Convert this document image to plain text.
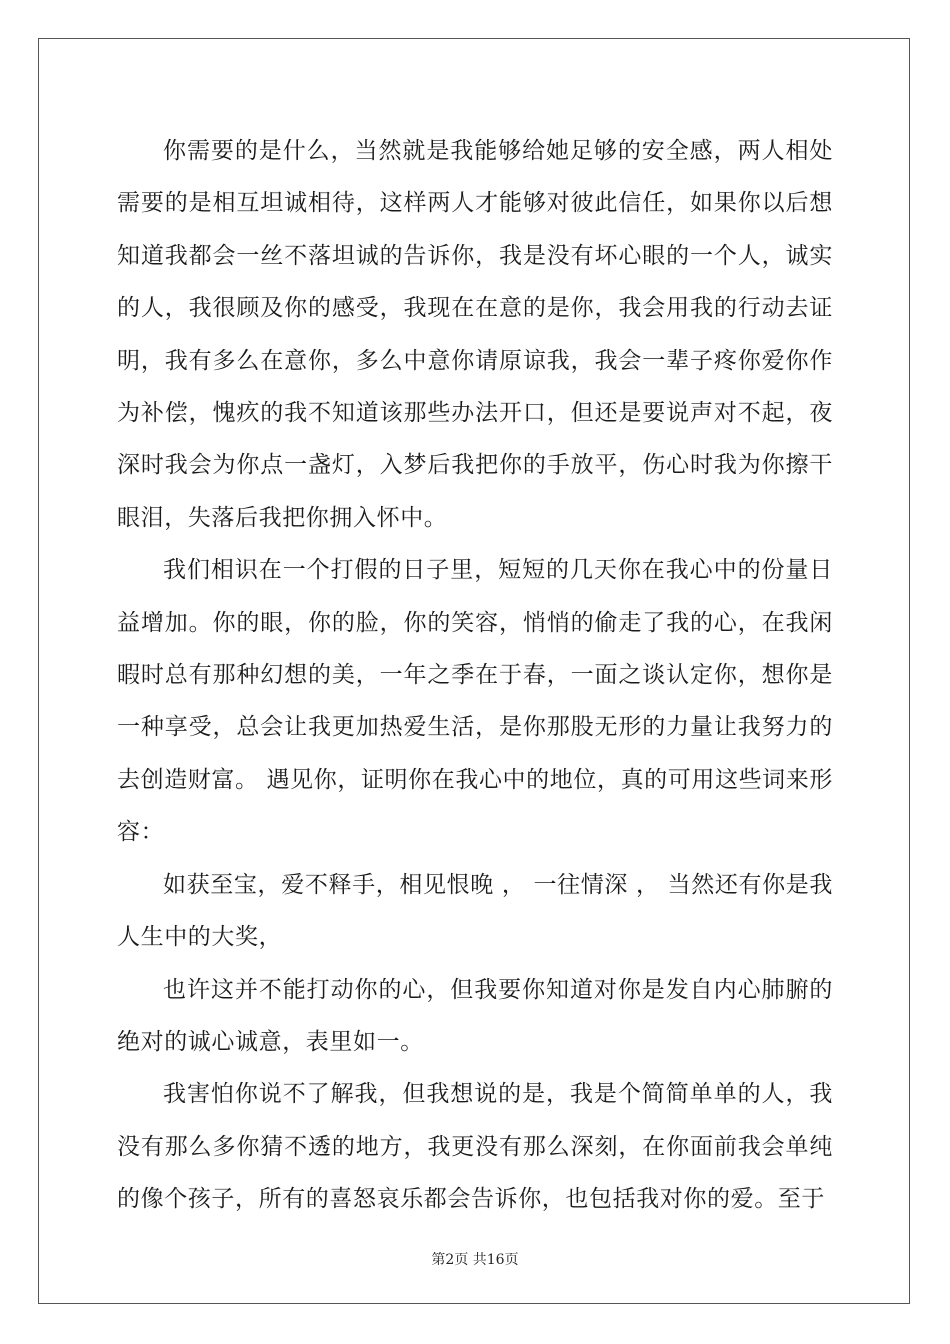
你需要的是什么，当然就是我能够给她足够的安全感，两人相处需要的是相互坦诚相待，这样两人才能够对彼此信任，如果你以后想知道我都会一丝不落坦诚的告诉你，我是没有坏心眼的一个人，诚实的人，我很顾及你的感受，我现在在意的是你，我会用我的行动去证明，我有多么在意你，多么中意你请原谅我，我会一辈子疼你爱你作为补偿，愧疚的我不知道该那些办法开口，但还是要说声对不起，夜深时我会为你点一盏灯，入梦后我把你的手放平，伤心时我为你擦干眼泪，失落后我把你拥入怀中。

我们相识在一个打假的日子里，短短的几天你在我心中的份量日益增加。你的眼，你的脸，你的笑容，悄悄的偷走了我的心，在我闲暇时总有那种幻想的美，一年之季在于春，一面之谈认定你，想你是一种享受，总会让我更加热爱生活，是你那股无形的力量让我努力的去创造财富。 遇见你，证明你在我心中的地位，真的可用这些词来形容：

如获至宝，爱不释手，相见恨晚 ， 一往情深 ， 当然还有你是我人生中的大奖，

也许这并不能打动你的心，但我要你知道对你是发自内心肺腑的绝对的诚心诚意，表里如一。

我害怕你说不了解我，但我想说的是，我是个简简单单的人，我没有那么多你猜不透的地方，我更没有那么深刻，在你面前我会单纯的像个孩子，所有的喜怒哀乐都会告诉你，也包括我对你的爱。至于

第2页 共16页
